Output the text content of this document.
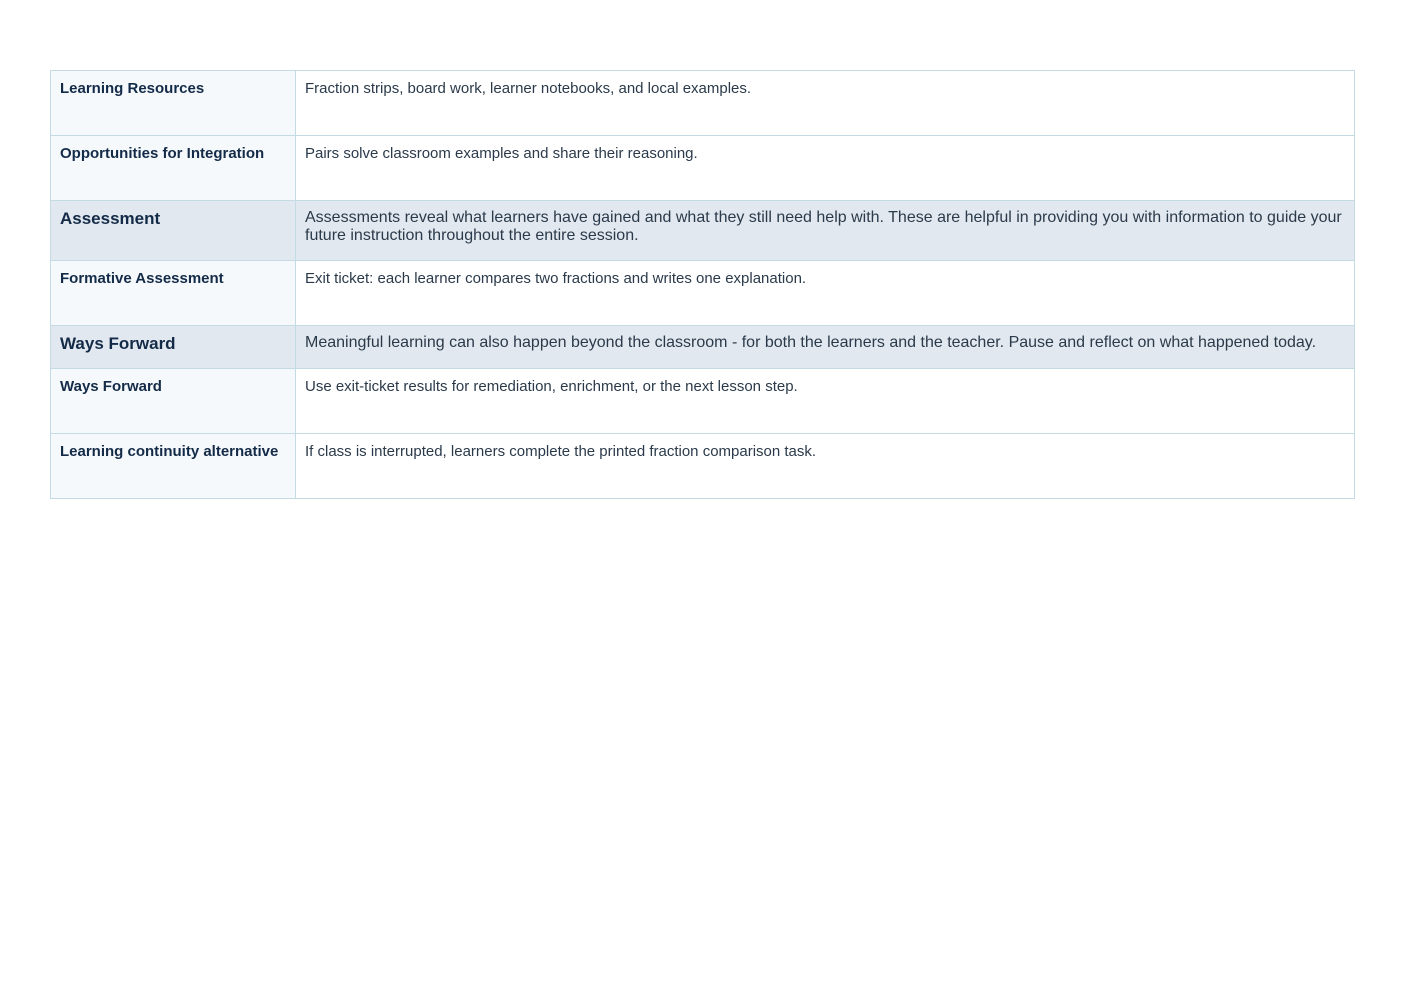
Learning Resources	Fraction strips, board work, learner notebooks, and local examples.
Opportunities for Integration	Pairs solve classroom examples and share their reasoning.
Assessment	Assessments reveal what learners have gained and what they still need help with. These are helpful in providing you with information to guide your future instruction throughout the entire session.
Formative Assessment	Exit ticket: each learner compares two fractions and writes one explanation.
Ways Forward	Meaningful learning can also happen beyond the classroom - for both the learners and the teacher. Pause and reflect on what happened today.
Ways Forward	Use exit-ticket results for remediation, enrichment, or the next lesson step.
Learning continuity alternative	If class is interrupted, learners complete the printed fraction comparison task.
